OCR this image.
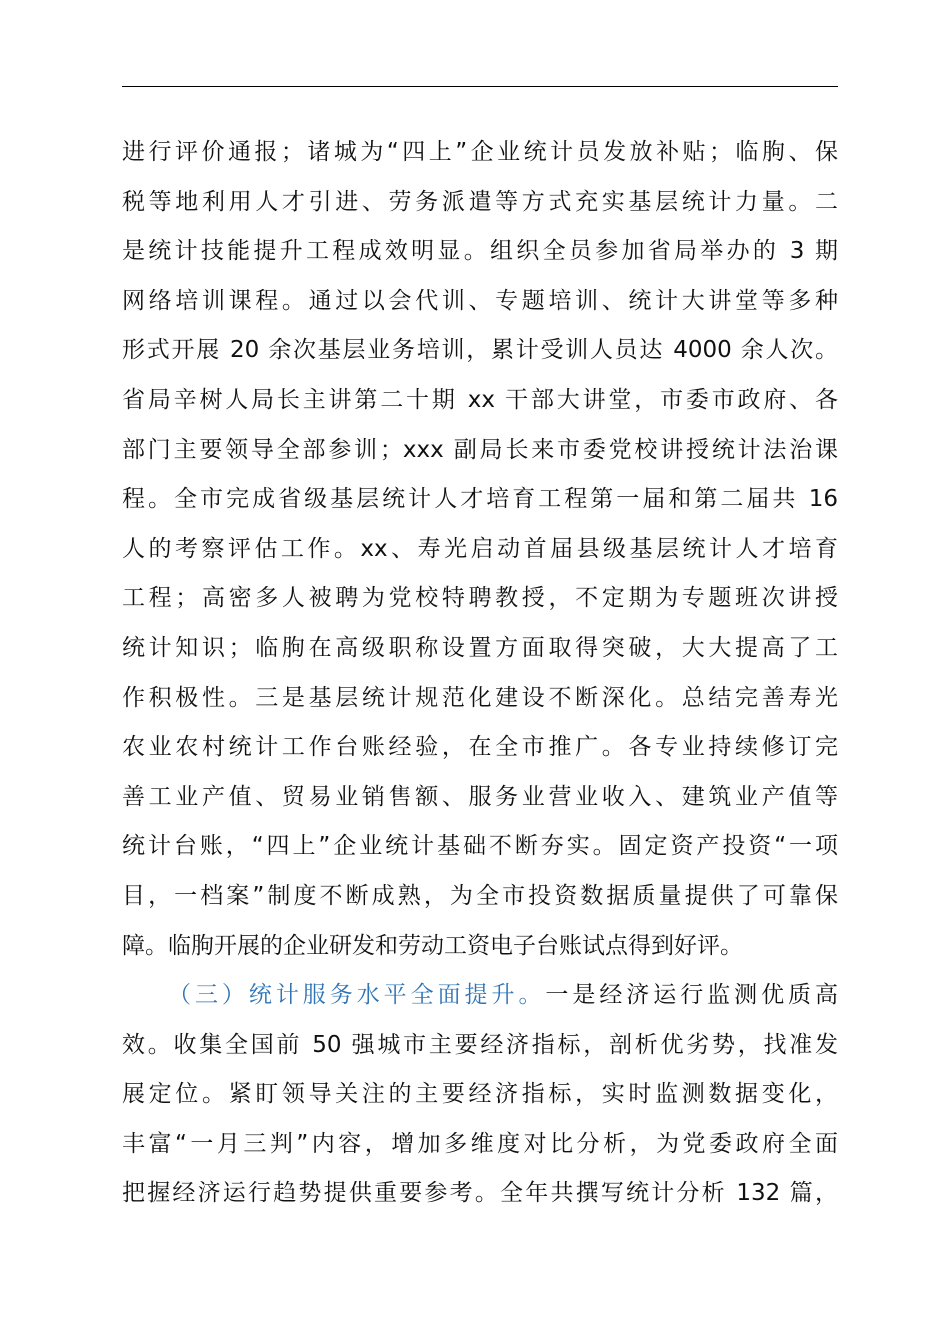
进行评价通报；诸城为“四上”企业统计员发放补贴；临朐、保
税等地利用人才引进、劳务派遣等方式充实基层统计力量。二
是统计技能提升工程成效明显。组织全员参加省局举办的 3 期
网络培训课程。通过以会代训、专题培训、统计大讲堂等多种
形式开展 20 余次基层业务培训，累计受训人员达 4000 余人次。
省局辛树人局长主讲第二十期 xx 干部大讲堂，市委市政府、各
部门主要领导全部参训；xxx 副局长来市委党校讲授统计法治课
程。全市完成省级基层统计人才培育工程第一届和第二届共 16
人的考察评估工作。xx、寿光启动首届县级基层统计人才培育
工程；高密多人被聘为党校特聘教授，不定期为专题班次讲授
统计知识；临朐在高级职称设置方面取得突破，大大提高了工
作积极性。三是基层统计规范化建设不断深化。总结完善寿光
农业农村统计工作台账经验，在全市推广。各专业持续修订完
善工业产值、贸易业销售额、服务业营业收入、建筑业产值等
统计台账，“四上”企业统计基础不断夯实。固定资产投资“一项
目，一档案”制度不断成熟，为全市投资数据质量提供了可靠保
障。临朐开展的企业研发和劳动工资电子台账试点得到好评。
（三）统计服务水平全面提升。一是经济运行监测优质高
效。收集全国前 50 强城市主要经济指标，剖析优劣势，找准发
展定位。紧盯领导关注的主要经济指标，实时监测数据变化，
丰富“一月三判”内容，增加多维度对比分析，为党委政府全面
把握经济运行趋势提供重要参考。全年共撰写统计分析 132 篇，
